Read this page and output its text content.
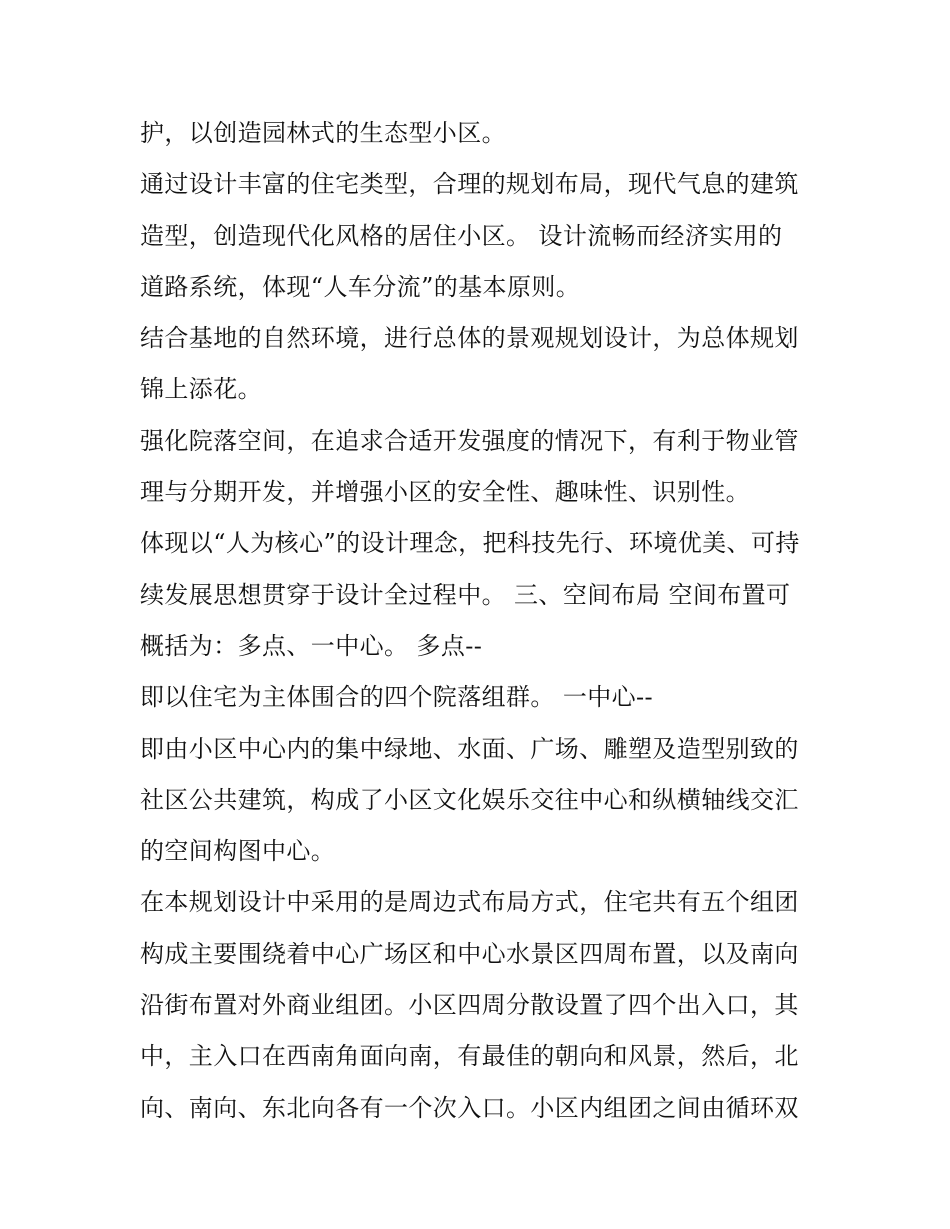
护，以创造园林式的生态型小区。
通过设计丰富的住宅类型，合理的规划布局，现代气息的建筑
造型，创造现代化风格的居住小区。 设计流畅而经济实用的
道路系统，体现“人车分流”的基本原则。
结合基地的自然环境，进行总体的景观规划设计，为总体规划
锦上添花。
强化院落空间，在追求合适开发强度的情况下，有利于物业管
理与分期开发，并增强小区的安全性、趣味性、识别性。
体现以“人为核心”的设计理念，把科技先行、环境优美、可持
续发展思想贯穿于设计全过程中。 三、空间布局 空间布置可
概括为：多点、一中心。 多点--
即以住宅为主体围合的四个院落组群。 一中心--
即由小区中心内的集中绿地、水面、广场、雕塑及造型别致的
社区公共建筑，构成了小区文化娱乐交往中心和纵横轴线交汇
的空间构图中心。
在本规划设计中采用的是周边式布局方式，住宅共有五个组团
构成主要围绕着中心广场区和中心水景区四周布置，以及南向
沿街布置对外商业组团。小区四周分散设置了四个出入口，其
中，主入口在西南角面向南，有最佳的朝向和风景，然后，北
向、南向、东北向各有一个次入口。小区内组团之间由循环双
